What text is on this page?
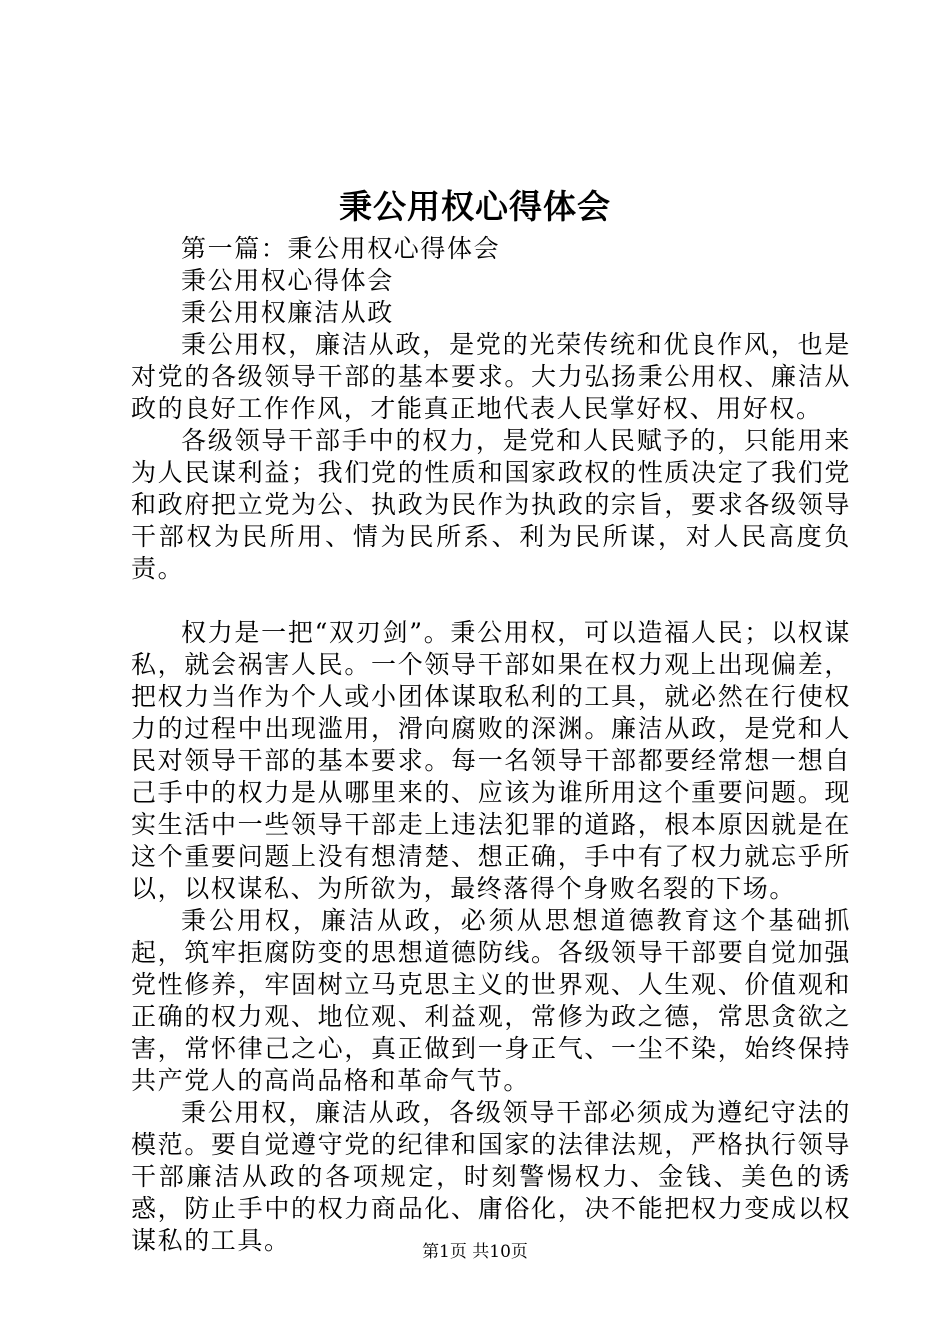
秉公用权心得体会

第一篇：秉公用权心得体会

秉公用权心得体会

秉公用权廉洁从政

秉公用权，廉洁从政，是党的光荣传统和优良作风，也是对党的各级领导干部的基本要求。大力弘扬秉公用权、廉洁从政的良好工作作风，才能真正地代表人民掌好权、用好权。

各级领导干部手中的权力，是党和人民赋予的，只能用来为人民谋利益；我们党的性质和国家政权的性质决定了我们党和政府把立党为公、执政为民作为执政的宗旨，要求各级领导干部权为民所用、情为民所系、利为民所谋，对人民高度负责。

权力是一把“双刃剑”。秉公用权，可以造福人民；以权谋私，就会祸害人民。一个领导干部如果在权力观上出现偏差，把权力当作为个人或小团体谋取私利的工具，就必然在行使权力的过程中出现滥用，滑向腐败的深渊。廉洁从政，是党和人民对领导干部的基本要求。每一名领导干部都要经常想一想自己手中的权力是从哪里来的、应该为谁所用这个重要问题。现实生活中一些领导干部走上违法犯罪的道路，根本原因就是在这个重要问题上没有想清楚、想正确，手中有了权力就忘乎所以，以权谋私、为所欲为，最终落得个身败名裂的下场。

秉公用权，廉洁从政，必须从思想道德教育这个基础抓起，筑牢拒腐防变的思想道德防线。各级领导干部要自觉加强党性修养，牢固树立马克思主义的世界观、人生观、价值观和正确的权力观、地位观、利益观，常修为政之德，常思贪欲之害，常怀律己之心，真正做到一身正气、一尘不染，始终保持共产党人的高尚品格和革命气节。

秉公用权，廉洁从政，各级领导干部必须成为遵纪守法的模范。要自觉遵守党的纪律和国家的法律法规，严格执行领导干部廉洁从政的各项规定，时刻警惕权力、金钱、美色的诱惑，防止手中的权力商品化、庸俗化，决不能把权力变成以权谋私的工具。	第1页 共10页
